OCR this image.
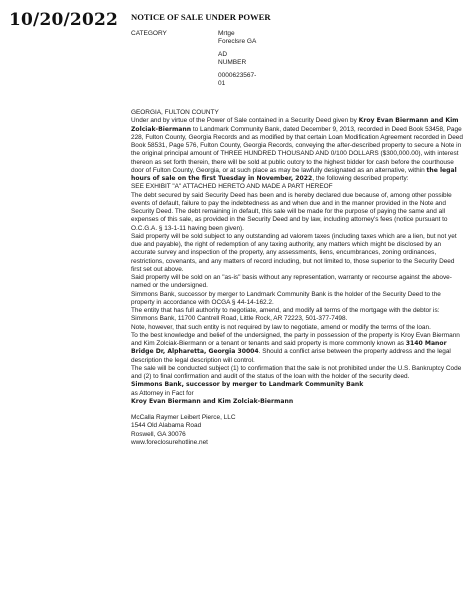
10/20/2022 NOTICE OF SALE UNDER POWER
CATEGORY	Mrtge
Foreclsre GA
AD
NUMBER
0000623567-
01

GEORGIA, FULTON COUNTY

Under and by virtue of the Power of Sale contained in a Security Deed given by Kroy Evan Biermann and Kim Zolciak-Biermann to Landmark Community Bank, dated December 9, 2013, recorded in Deed Book 53458, Page 228, Fulton County, Georgia Records and as modified by that certain Loan Modification Agreement recorded in Deed Book 58531, Page 576, Fulton County, Georgia Records, conveying the after-described property to secure a Note in the original principal amount of THREE HUNDRED THOUSAND AND 0/100 DOLLARS ($300,000.00), with interest thereon as set forth therein, there will be sold at public outcry to the highest bidder for cash before the courthouse door of Fulton County, Georgia, or at such place as may be lawfully designated as an alternative, within the legal hours of sale on the first Tuesday in November, 2022, the following described property:

SEE EXHIBIT "A" ATTACHED HERETO AND MADE A PART HEREOF

The debt secured by said Security Deed has been and is hereby declared due because of, among other possible events of default, failure to pay the indebtedness as and when due and in the manner provided in the Note and Security Deed. The debt remaining in default, this sale will be made for the purpose of paying the same and all expenses of this sale, as provided in the Security Deed and by law, including attorney's fees (notice pursuant to O.C.G.A. § 13-1-11 having been given).

Said property will be sold subject to any outstanding ad valorem taxes (including taxes which are a lien, but not yet due and payable), the right of redemption of any taxing authority, any matters which might be disclosed by an accurate survey and inspection of the property, any assessments, liens, encumbrances, zoning ordinances, restrictions, covenants, and any matters of record including, but not limited to, those superior to the Security Deed first set out above.

Said property will be sold on an "as-is" basis without any representation, warranty or recourse against the above-named or the undersigned.

Simmons Bank, successor by merger to Landmark Community Bank is the holder of the Security Deed to the property in accordance with OCGA § 44-14-162.2.

The entity that has full authority to negotiate, amend, and modify all terms of the mortgage with the debtor is: Simmons Bank, 11700 Cantrell Road, Little Rock, AR 72223, 501-377-7498.

Note, however, that such entity is not required by law to negotiate, amend or modify the terms of the loan.

To the best knowledge and belief of the undersigned, the party in possession of the property is Kroy Evan Biermann and Kim Zolciak-Biermann or a tenant or tenants and said property is more commonly known as 3140 Manor Bridge Dr, Alpharetta, Georgia 30004. Should a conflict arise between the property address and the legal description the legal description will control.

The sale will be conducted subject (1) to confirmation that the sale is not prohibited under the U.S. Bankruptcy Code and (2) to final confirmation and audit of the status of the loan with the holder of the security deed.

Simmons Bank, successor by merger to Landmark Community Bank

as Attorney in Fact for

Kroy Evan Biermann and Kim Zolciak-Biermann

McCalla Raymer Leibert Pierce, LLC

1544 Old Alabama Road

Roswell, GA 30076

www.foreclosurehotline.net
